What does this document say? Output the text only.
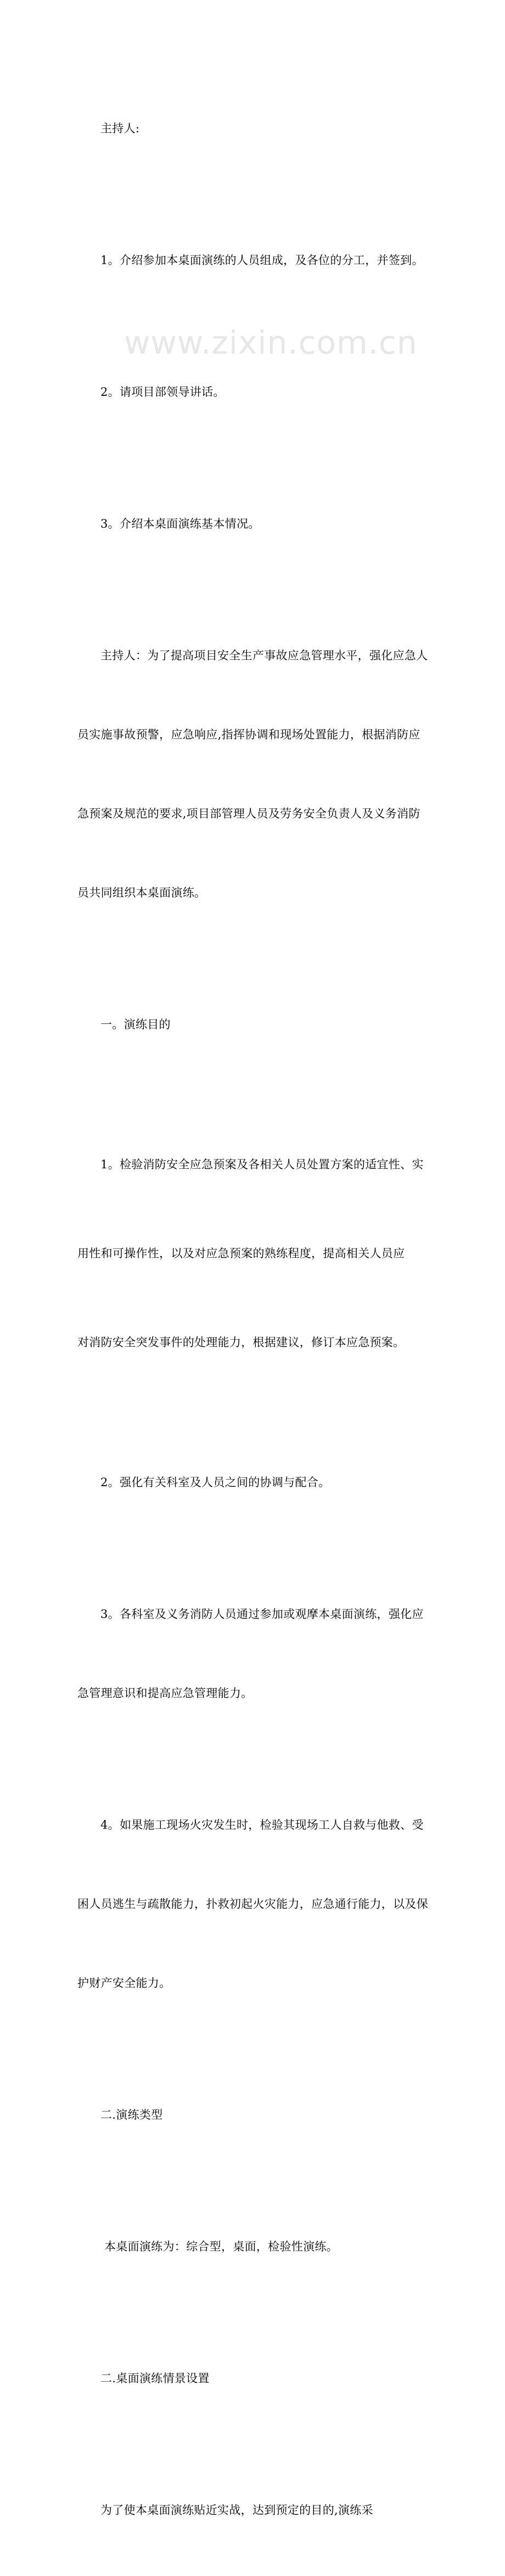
www.zixin.com.cn

主持人:

1。介绍参加本桌面演练的人员组成，及各位的分工，并签到。

2。请项目部领导讲话。

3。介绍本桌面演练基本情况。

主持人：为了提高项目安全生产事故应急管理水平，强化应急人

员实施事故预警，应急响应,指挥协调和现场处置能力，根据消防应

急预案及规范的要求,项目部管理人员及劳务安全负责人及义务消防

员共同组织本桌面演练。

一。演练目的

1。检验消防安全应急预案及各相关人员处置方案的适宜性、实

用性和可操作性，以及对应急预案的熟练程度，提高相关人员应

对消防安全突发事件的处理能力，根据建议，修订本应急预案。

2。强化有关科室及人员之间的协调与配合。

3。各科室及义务消防人员通过参加或观摩本桌面演练，强化应

急管理意识和提高应急管理能力。

4。如果施工现场火灾发生时，检验其现场工人自救与他救、受

困人员逃生与疏散能力，扑救初起火灾能力，应急通行能力，以及保

护财产安全能力。

二.演练类型

本桌面演练为：综合型，桌面，检验性演练。

二.桌面演练情景设置

为了使本桌面演练贴近实战，达到预定的目的,演练采
